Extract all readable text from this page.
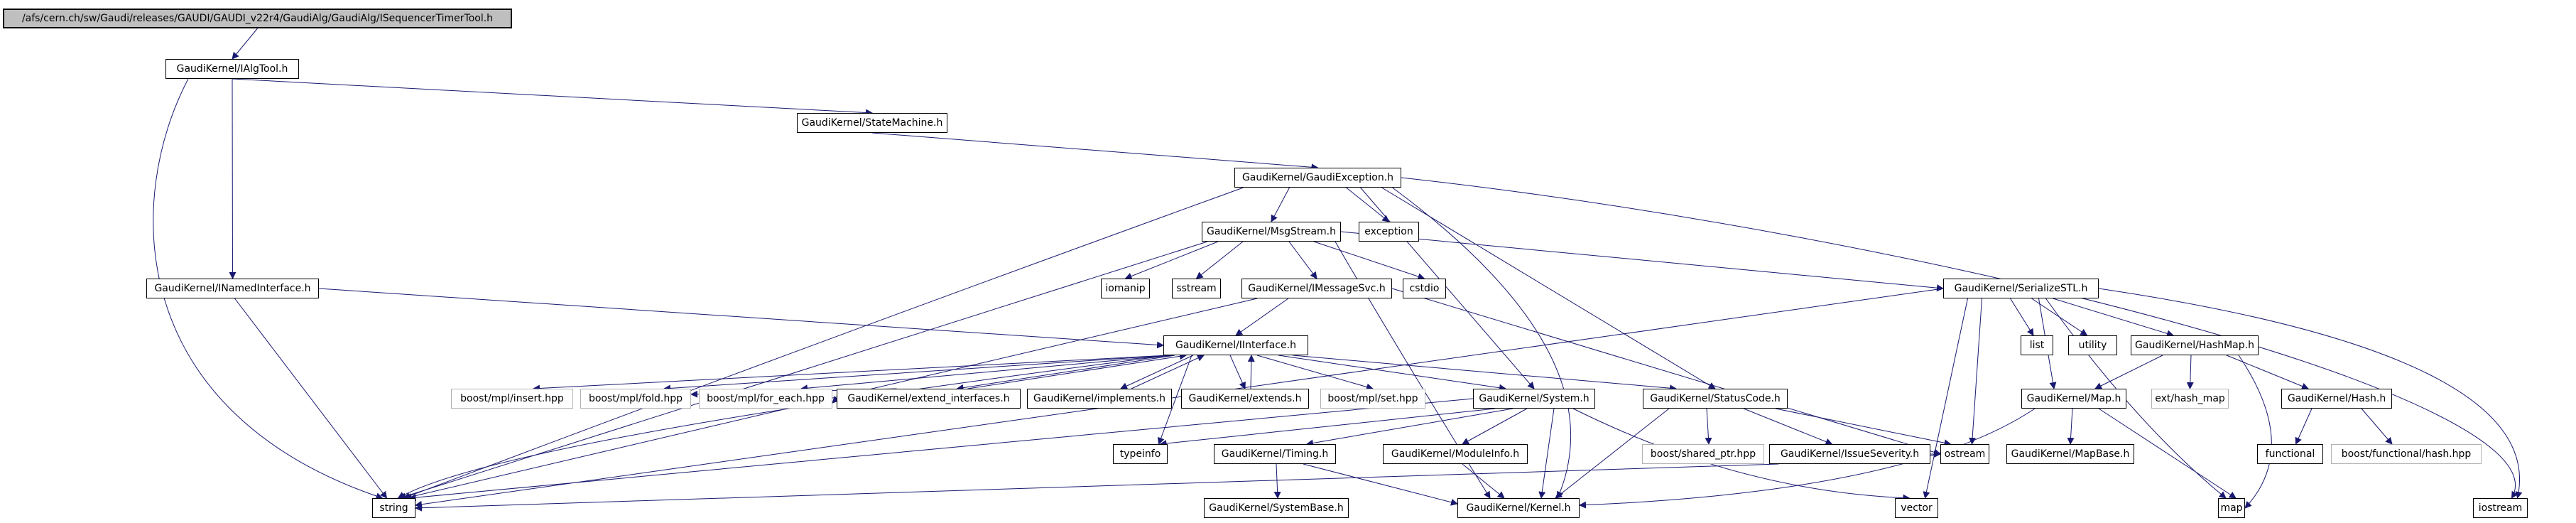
/afs/cern.ch/sw/Gaudi/releases/GAUDI/GAUDI_v22r4/GaudiAlg/GaudiAlg/ISequencerTimerTool.h
GaudiKernel/IAlgTool.h
GaudiKernel/StateMachine.h
GaudiKernel/GaudiException.h
GaudiKernel/MsgStream.h	exception
iomanip	sstream	GaudiKernel/IMessageSvc.h	cstdio
GaudiKernel/INamedInterface.h	GaudiKernel/SerializeSTL.h
GaudiKernel/IInterface.h	list	utility	GaudiKernel/HashMap.h
boost/mpl/insert.hpp	boost/mpl/fold.hpp	boost/mpl/for_each.hpp	GaudiKernel/extend_interfaces.h	GaudiKernel/implements.h	GaudiKernel/extends.h	boost/mpl/set.hpp	GaudiKernel/System.h	GaudiKernel/StatusCode.h	GaudiKernel/Map.h	ext/hash_map	GaudiKernel/Hash.h
typeinfo	GaudiKernel/Timing.h	GaudiKernel/ModuleInfo.h	boost/shared_ptr.hpp	GaudiKernel/IssueSeverity.h	ostream	GaudiKernel/MapBase.h	functional	boost/functional/hash.hpp
string	GaudiKernel/SystemBase.h	GaudiKernel/Kernel.h	vector	map	iostream
